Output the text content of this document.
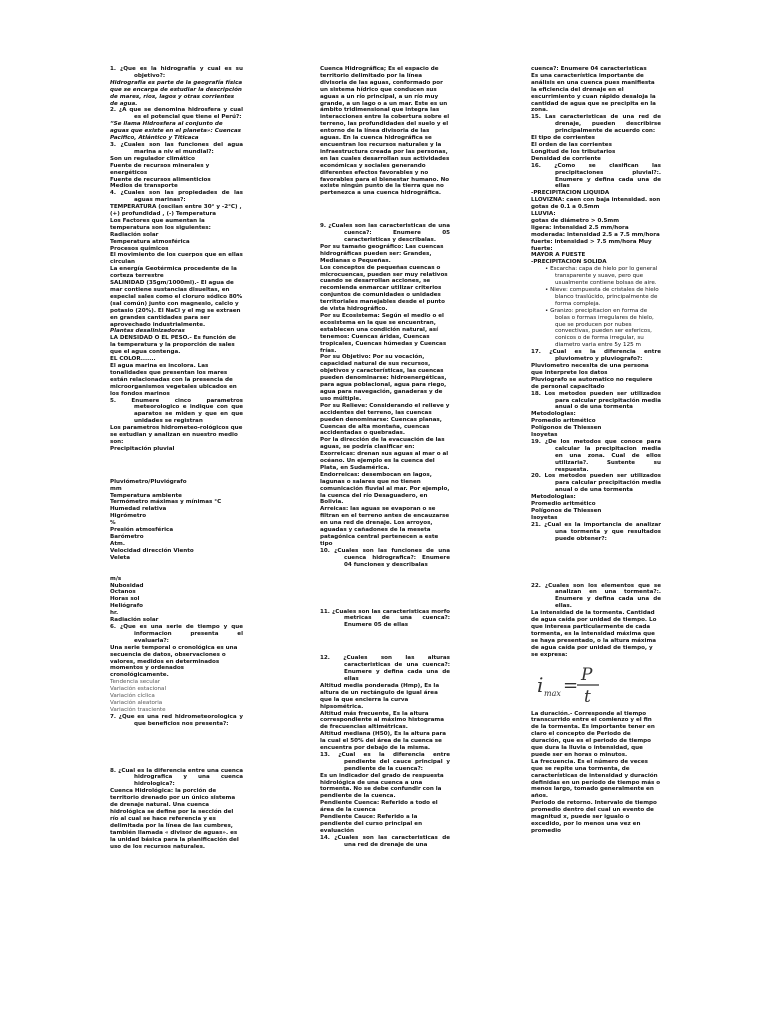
1. ¿Que es la hidrografía y cual es su objetivo?:

Hidrografía es parte de la geografía física que se encarga de estudiar la descripción de mares, ríos, lagos y otras corrientes de agua.

2. ¿A que se denomina hidrosfera y cual es el potencial que tiene el Perú?:

“Se llama Hidrosfera al conjunto de aguas que existe en el planeta»: Cuencas Pacifico, Atlántico y Titicaca

3. ¿Cuales son las funciones del agua marina a niv el mundial?:

Son un regulador climático

Fuente de recursos minerales y energéticos

Fuente de recursos alimenticios

Medios de transporte

4. ¿Cuales son las propiedades de las aguas marinas?:

TEMPERATURA (oscilan entre 30° y -2°C) , (+) profundidad , (-) Temperatura

Los Factores que aumentan la temperatura son los siguientes:

Radiación solar

Temperatura atmosférica

Procesos químicos

El movimiento de los cuerpos que en ellas circulan

La energía Geotérmica procedente de la corteza terrestre

SALINIDAD (35gm/1000ml).- El agua de mar contiene sustancias disueltas, en especial sales como el cloruro sódico 80% (sal común) junto con magnesio, calcio y potasio (20%). El NaCl y el mg se extraen en grandes cantidades para ser aprovechado industrialmente.

Plantas desalinizadoras

LA DENSIDAD O EL PESO.- Es función de la temperatura y la proporción de sales que el agua contenga.

EL COLOR.......

El agua marina es incolora. Las tonalidades que presentan los mares están relacionadas con la presencia de microorganismos vegetales ubicados en los fondos marinos

5. Enumere cinco parametros meteorologico e indique con que aparatos se miden y que en que unidades se registran

Los parametros hidrometeo-rológicos que se estudian y analizan en nuestro medio son:

Precipitación pluvial

Pluviómetro/Pluviógrafo

mm

Temperatura ambiente

Termómetro máximas y mínimas °C

Humedad relativa

Higrómetro

%

Presión atmosférica

Barómetro

Atm.

Velocidad dirección Viento

Veleta

m/s

Nubosidad

Octanos

Horas sol

Heliógrafo

hr.

Radiación solar

6. ¿Que es una serie de tiempo y que informacion presenta el evaluarla?:

Una serie temporal o cronológica es una secuencia de datos, observaciones o valores, medidos en determinados momentos y ordenados cronológicamente.

Tendencia secular

Variación estacional

Variación cíclica

Variación aleatoria

Variación trasciente

7. ¿Que es una red hidrometeorologica y que beneficios nos presenta?:

8. ¿Cual es la diferencia entre una cuenca hidrografica y una cuenca hidrologica?:

Cuenca Hidrológica: la porción de territorio drenado por un único sistema de drenaje natural. Una cuenca hidrológica se define por la sección del río al cual se hace referencia y es delimitada por la línea de las cumbres, también llamada « divisor de aguas». es la unidad básica para la planificación del uso de los recursos naturales.

Cuenca Hidrográfica; Es el espacio de territorio delimitado por la línea divisoria de las aguas, conformado por un sistema hídrico que conducen sus aguas a un río principal, a un río muy grande, a un lago o a un mar. Este es un ámbito tridimensional que integra las interacciones entre la cobertura sobre el terreno, las profundidades del suelo y el entorno de la línea divisoria de las aguas. En la cuenca hidrográfica se encuentran los recursos naturales y la infraestructura creada por las personas, en las cuales desarrollan sus actividades económicas y sociales generando diferentes efectos favorables y no favorables para el bienestar humano. No existe ningún punto de la tierra que no pertenezca a una cuenca hidrográfica.

9. ¿Cuales son las caracteristicas de una cuenca?: Enumere 05 caracteristicas y describalas.

Por su tamaño geográfico: Las cuencas hidrográficas pueden ser: Grandes, Medianas o Pequeñas.

Los conceptos de pequeñas cuencas o microcuencas, pueden ser muy relativos cuando se desarrollan acciones, se recomienda enmarcar utilizar criterios conjuntos de comunidades o unidades territoriales manejables desde el punto de vista hidrográfico.

Por su Ecosistema: Según el medio o el ecosistema en la que se encuentran, establecen una condición natural, así tenemos: Cuencas áridas, Cuencas tropicales, Cuencas húmedas y Cuencas frías.

Por su Objetivo: Por su vocación, capacidad natural de sus recursos, objetivos y características, las cuencas pueden denominarse: hidroenergéticas, para agua poblacional, agua para riego, agua para navegación, ganaderas y de uso múltiple.

Por su Relieve: Considerando el relieve y accidentes del terreno, las cuencas pueden denominarse: Cuencas planas, Cuencas de alta montaña, cuencas accidentadas o quebradas.

Por la dirección de la evacuación de las aguas, se podría clasificar en:

Exorreicas: drenan sus aguas al mar o al océano. Un ejemplo es la cuenca del Plata, en Sudamérica.

Endorreicas: desembocan en lagos, lagunas o salares que no tienen comunicación fluvial al mar. Por ejemplo, la cuenca del río Desaguadero, en Bolivia.

Arreicas: las aguas se evaporan o se filtran en el terreno antes de encauzarse en una red de drenaje. Los arroyos, aguadas y cañadones de la meseta patagónica central pertenecen a este tipo

10. ¿Cuales son las funciones de una cuenca hidrografica?: Enumere 04 funciones y describalas

11. ¿Cuales son las caracteristicas morfo metricas de una cuenca?: Enumere 05 de ellas

12. ¿Cuales son las alturas caracteristicas de una cuenca?: Enumere y defina cada una de ellas

Altitud media ponderada (Hmp), Es la altura de un rectángulo de igual área que la que encierra la curva hipsométrica.

Altitud más frecuente, Es la altura correspondiente al máximo histograma de frecuencias altimétricas.

Altitud mediana (H50), Es la altura para la cual el 50% del área de la cuenca se encuentra por debajo de la misma.

13. ¿Cual es la diferencia entre pendiente del cauce principal y pendiente de la cuenca?:

Es un indicador del grado de respuesta hidrológica de una cuenca a una tormenta. No se debe confundir con la pendiente de la cuenca.

Pendiente Cuenca: Referido a todo el área de la cuenca

Pendiente Cauce: Referido a la pendiente del curso principal en evaluación

14. ¿Cuales son las caracteristicas de una red de drenaje de una

cuenca?: Enumere 04 caracteristicas

Es una característica importante de análisis en una cuenca pues manifiesta la eficiencia del drenaje en el escurrimiento y cuan rápido desaloja la cantidad de agua que se precipita en la zona.

15. Las caracteristicas de una red de drenaje, pueden describirse principalmente de acuerdo con:

El tipo de corrientes

El orden de las corrientes

Longitud de los tributarios

Densidad de corriente

16. ¿Como se clasifican las precipitaciones pluvial?:. Enumere y defina cada una de ellas

-PRECIPITACION LIQUIDA

LLOVIZNA: caen con baja intensidad. son gotas de 0.1 a 0.5mm

LLUVIA:

gotas de diámetro > 0.5mm

ligera: intensidad 2.5 mm/hora

moderada: intensidad 2.5 a 7.5 mm/hora

fuerte: intensidad > 7.5 mm/hora Muy fuerte:

MAYOR A FUESTE

-PRECIPITACION SOLIDA

• Escarcha: capa de hielo por lo general transparente y suave, pero que usualmente contiene bolsas de aire.

• Nieve: compuesta de cristales de hielo blanco traslúcido, principalmente de forma compleja.

• Granizo: precipitacion en forma de bolas o formas irregulares de hielo, que se producen por nubes convectivas, pueden ser esfericos, conicos o de forma irregular, su diametro varia entre 5y 125 m

17. ¿Cual es la diferencia entre pluviometro y pluviografo?:

Pluviometro necesita de una persona que interprete los datos

Pluviografo se automatico no requiere de personal capacitado

18. Los metodos pueden ser utilizados para calcular precipitación media anual o de una tormenta

Metodologias:

Promedio aritmético

Polígonos de Thiessen

Isoyetas

19. ¿De los metodos que conoce para calcular la precipitacion media en una zona. Cual de ellos utilizaria?. Sustente su respuesta.

20. Los metodos pueden ser utilizados para calcular precipitación media anual o de una tormenta

Metodologias:

Promedio aritmético

Polígonos de Thiessen

Isoyetas

21. ¿Cual es la importancia de analizar una tormenta y que resultados puede obtener?:

22. ¿Cuales son los elementos que se analizan en una tormenta?:. Enumere y defina cada una de ellas.

La intensidad de la tormenta. Cantidad de agua caída por unidad de tiempo. Lo que interesa particularmente de cada tormenta, es la intensidad máxima que se haya presentado, o la altura máxima de agua caída por unidad de tiempo, y se expresa:

i max = P
t

La duración.- Corresponde al tiempo transcurrido entre el comienzo y el fin de la tormenta. Es importante tener en claro el concepto de Periodo de duración, que es el periodo de tiempo que dura la lluvia o intensidad, que puede ser en horas o minutos.

La frecuencia. Es el número de veces que se repite una tormenta, de características de intensidad y duración definidas en un período de tiempo más o menos largo, tomado generalmente en años.

Periodo de retorno. Intervalo de tiempo promedio dentro del cual un evento de magnitud x, puede ser igualo o excedido, por lo menos una vez en promedio
